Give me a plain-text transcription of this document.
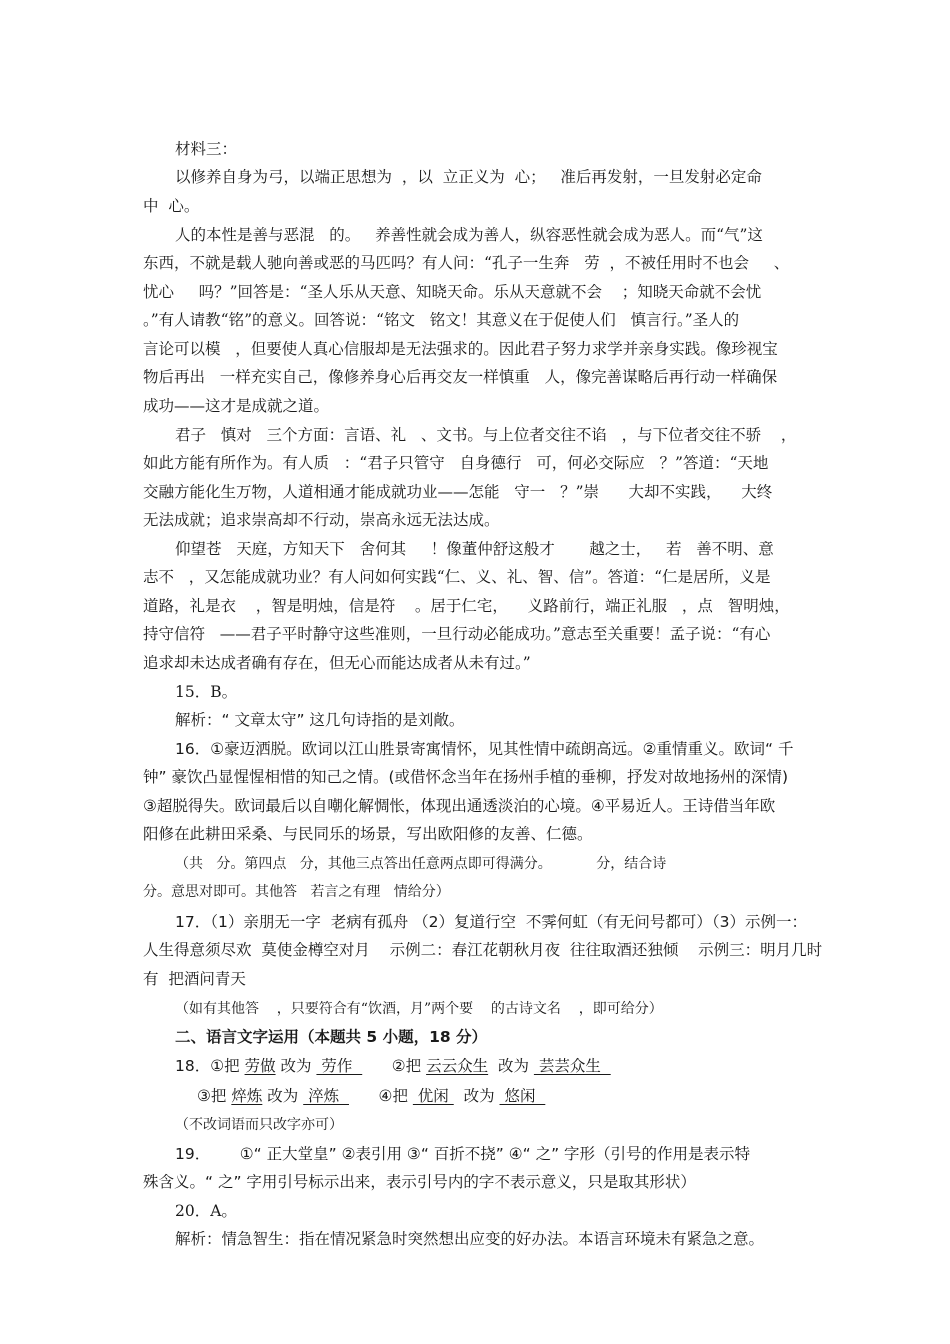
材料三：
以修养自身为弓，以端正思想为  ，以  立正义为  心；   准后再发射，一旦发射必定命
中  心。
人的本性是善与恶混   的。   养善性就会成为善人，纵容恶性就会成为恶人。而“气”这
东西，不就是载人驰向善或恶的马匹吗？有人问：“孔子一生奔   劳  ，不被任用时不也会     、
忧心     吗？”回答是：“圣人乐从天意、知晓天命。乐从天意就不会    ；知晓天命就不会忧
。”有人请教“铭”的意义。回答说：“铭文   铭文！其意义在于促使人们   慎言行。”圣人的
言论可以模   ，但要使人真心信服却是无法强求的。因此君子努力求学并亲身实践。像珍视宝
物后再出   一样充实自己，像修养身心后再交友一样慎重   人，像完善谋略后再行动一样确保
成功——这才是成就之道。
君子   慎对   三个方面：言语、礼   、文书。与上位者交往不谄   ，与下位者交往不骄    ，
如此方能有所作为。有人质   ：“君子只管守   自身德行   可，何必交际应   ？”答道：“天地
交融方能化生万物，人道相通才能成就功业——怎能   守一   ？”崇      大却不实践，    大终
无法成就；追求崇高却不行动，崇高永远无法达成。
仰望苍   天庭，方知天下   舍何其     ！像董仲舒这般才       越之士，   若   善不明、意
志不   ，又怎能成就功业？有人问如何实践“仁、义、礼、智、信”。答道：“仁是居所，义是
道路，礼是衣    ，智是明烛，信是符    。居于仁宅，    义路前行，端正礼服   ，点   智明烛，
持守信符   ——君子平时静守这些准则，一旦行动必能成功。”意志至关重要！孟子说：“有心
追求却未达成者确有存在，但无心而能达成者从未有过。”
15．B。
解析：“ 文章太守” 这几句诗指的是刘敞。
16．①豪迈洒脱。欧词以江山胜景寄寓情怀，见其性情中疏朗高远。②重情重义。欧词“ 千
钟” 豪饮凸显惺惺相惜的知己之情。(或借怀念当年在扬州手植的垂柳，抒发对故地扬州的深情)
③超脱得失。欧词最后以自嘲化解惆怅，体现出通透淡泊的心境。④平易近人。王诗借当年欧
阳修在此耕田采桑、与民同乐的场景，写出欧阳修的友善、仁德。
（共   分。第四点   分，其他三点答出任意两点即可得满分。          分，结合诗
分。意思对即可。其他答   若言之有理   情给分）
17．（1）亲朋无一字  老病有孤舟 （2）复道行空  不霁何虹（有无问号都可）（3）示例一：
人生得意须尽欢  莫使金樽空对月    示例二：春江花朝秋月夜  往往取酒还独倾    示例三：明月几时
有  把酒问青天
（如有其他答    ，只要符合有“饮酒，月”两个要    的古诗文名    ，即可给分）
二、语言文字运用（本题共 5 小题，18 分）
18．①把 劳做 改为  劳作        ②把 云云众生  改为  芸芸众生
③把 焠炼 改为  淬炼        ④把  优闲   改为  悠闲
（不改词语而只改字亦可）
19．      ①“ 正大堂皇” ②表引用 ③“ 百折不挠” ④“ 之” 字形（引号的作用是表示特
殊含义。“ 之” 字用引号标示出来，表示引号内的字不表示意义，只是取其形状）
20．A。
解析：情急智生：指在情况紧急时突然想出应变的好办法。本语言环境未有紧急之意。
